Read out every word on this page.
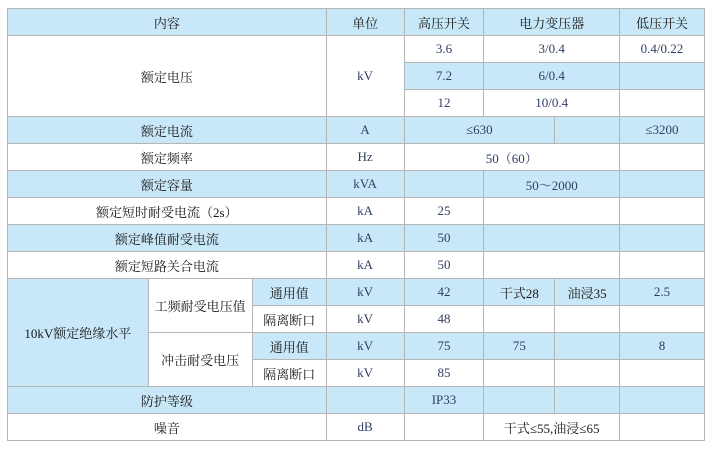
内容			单位	高压开关	电力变压器		低压开关
额定电压			kV	3.6	3/0.4		0.4/0.22
				7.2	6/0.4		
				12	10/0.4		
额定电流			A	≤630			≤3200
额定频率			Hz	50（60）			
额定容量			kVA		50～2000		
额定短时耐受电流（2s）			kA	25			
额定峰值耐受电流			kA	50			
额定短路关合电流			kA	50			
10kV额定绝缘水平	工频耐受电压值	通用值	kV	42	干式28	油浸35	2.5
		隔离断口	kV	48			
	冲击耐受电压	通用值	kV	75	75		8
		隔离断口	kV	85			
防护等级				IP33			
噪音			dB		干式≤55,油浸≤65		
